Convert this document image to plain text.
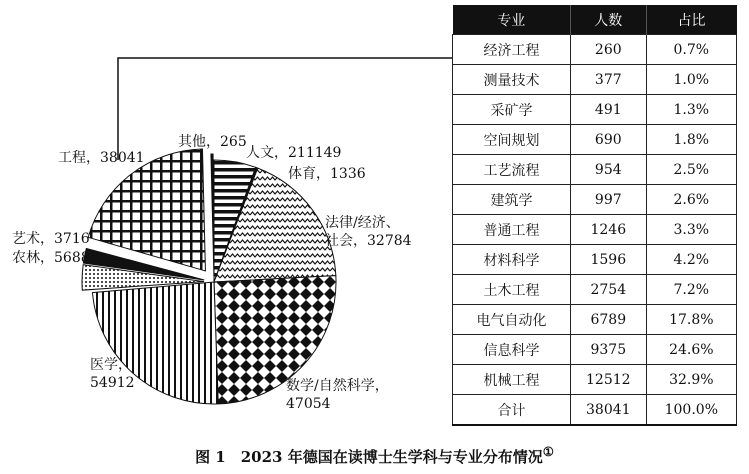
人文，211149
体育，1336
法律/经济、社会，32784
数学/自然科学， 47054
医学， 54912
农林，5688
艺术，3716
工程，38041
其他，265
专业	人数	占比
经济工程	260	0.7%
测量技术	377	1.0%
采矿学	491	1.3%
空间规划	690	1.8%
工艺流程	954	2.5%
建筑学	997	2.6%
普通工程	1246	3.3%
材料科学	1596	4.2%
土木工程	2754	7.2%
电气自动化	6789	17.8%
信息科学	9375	24.6%
机械工程	12512	32.9%
合计	38041	100.0%
图 1　2023 年德国在读博士生学科与专业分布情况①
